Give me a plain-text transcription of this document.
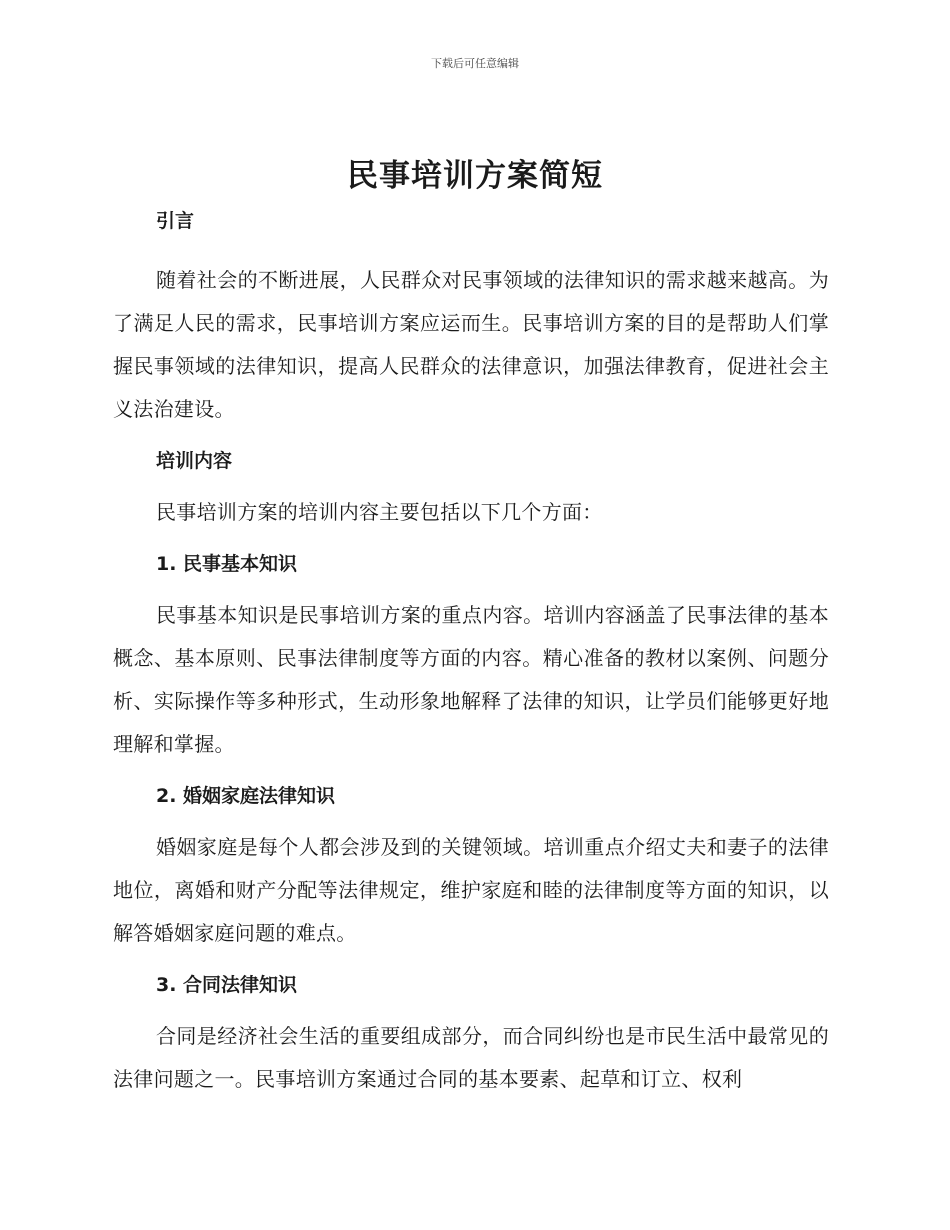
下载后可任意编辑
民事培训方案简短
引言

随着社会的不断进展，人民群众对民事领域的法律知识的需求越来越高。为了满足人民的需求，民事培训方案应运而生。民事培训方案的目的是帮助人们掌握民事领域的法律知识，提高人民群众的法律意识，加强法律教育，促进社会主义法治建设。

培训内容

民事培训方案的培训内容主要包括以下几个方面：

1. 民事基本知识

民事基本知识是民事培训方案的重点内容。培训内容涵盖了民事法律的基本概念、基本原则、民事法律制度等方面的内容。精心准备的教材以案例、问题分析、实际操作等多种形式，生动形象地解释了法律的知识，让学员们能够更好地理解和掌握。

2. 婚姻家庭法律知识

婚姻家庭是每个人都会涉及到的关键领域。培训重点介绍丈夫和妻子的法律地位，离婚和财产分配等法律规定，维护家庭和睦的法律制度等方面的知识，以解答婚姻家庭问题的难点。

3. 合同法律知识

合同是经济社会生活的重要组成部分，而合同纠纷也是市民生活中最常见的法律问题之一。民事培训方案通过合同的基本要素、起草和订立、权利
